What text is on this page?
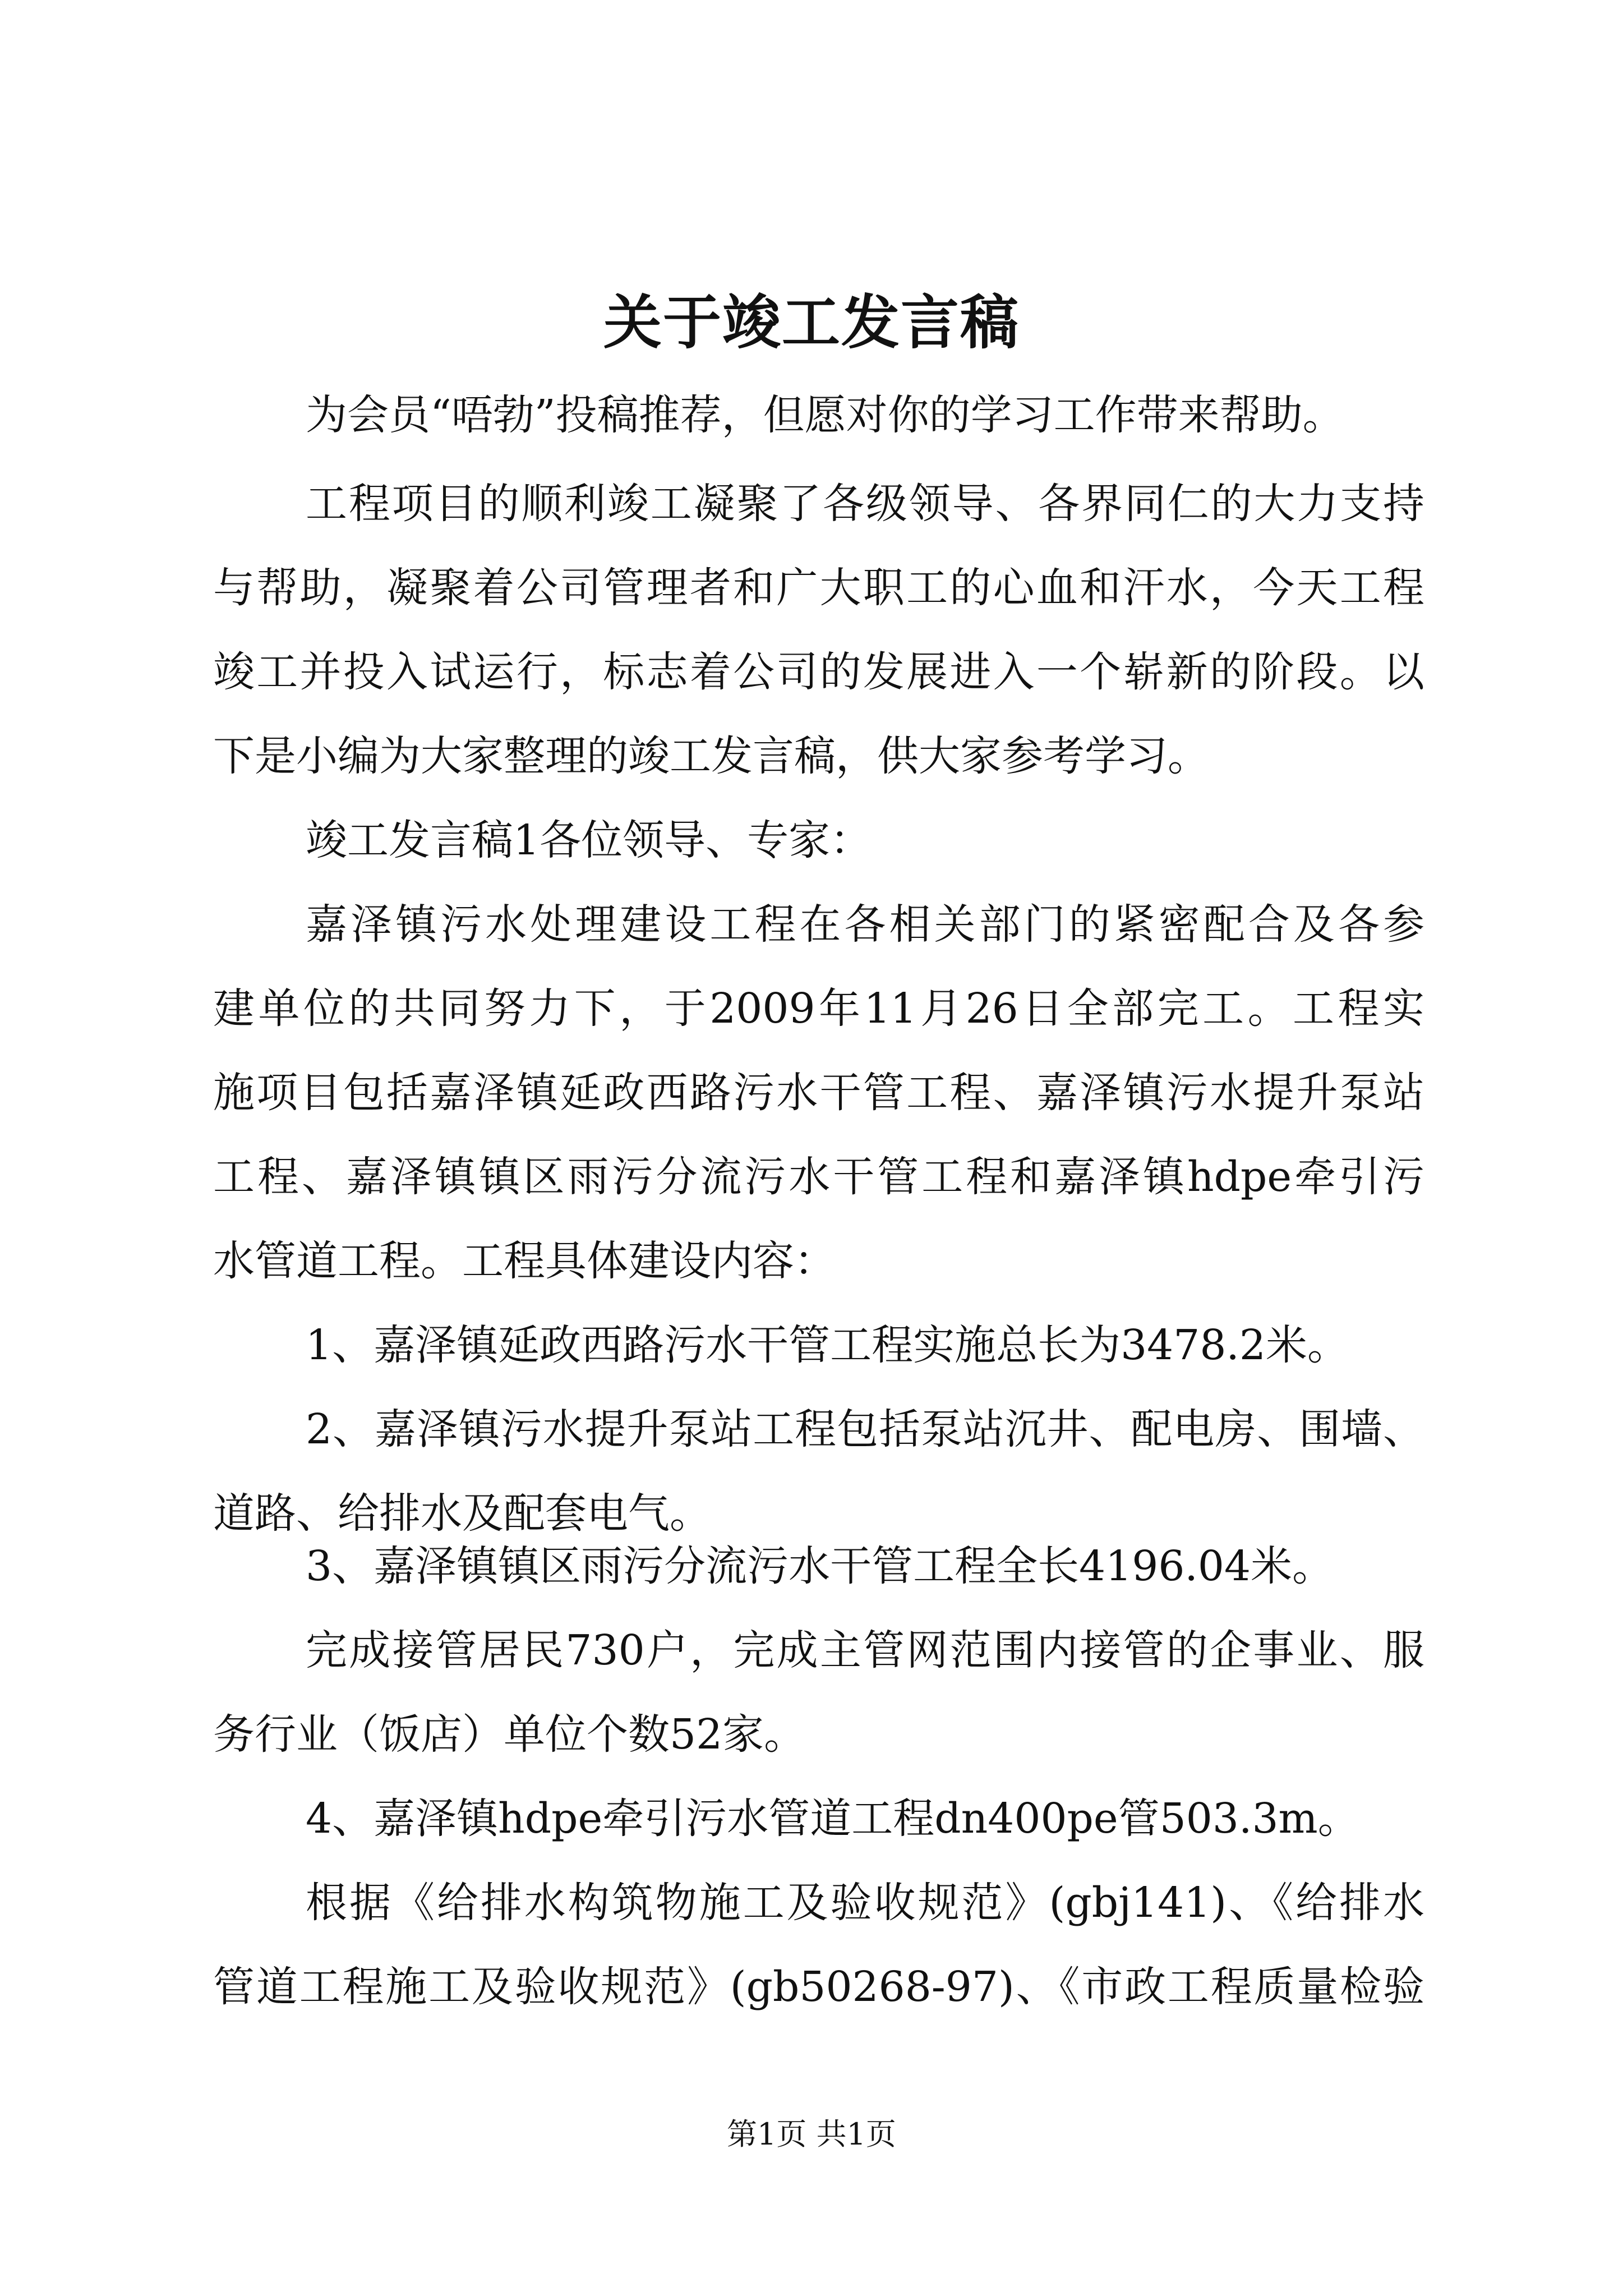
关于竣工发言稿

为会员“唔勃”投稿推荐，但愿对你的学习工作带来帮助。

工程项目的顺利竣工凝聚了各级领导、各界同仁的大力支持

与帮助，凝聚着公司管理者和广大职工的心血和汗水，今天工程

竣工并投入试运行，标志着公司的发展进入一个崭新的阶段。以

下是小编为大家整理的竣工发言稿，供大家参考学习。

竣工发言稿1各位领导、专家：

嘉泽镇污水处理建设工程在各相关部门的紧密配合及各参

建单位的共同努力下，于2009年11月26日全部完工。工程实

施项目包括嘉泽镇延政西路污水干管工程、嘉泽镇污水提升泵站

工程、嘉泽镇镇区雨污分流污水干管工程和嘉泽镇hdpe牵引污

水管道工程。工程具体建设内容：

1、嘉泽镇延政西路污水干管工程实施总长为3478.2米。

2、嘉泽镇污水提升泵站工程包括泵站沉井、配电房、围墙、

道路、给排水及配套电气。

3、嘉泽镇镇区雨污分流污水干管工程全长4196.04米。

完成接管居民730户，完成主管网范围内接管的企事业、服

务行业（饭店）单位个数52家。

4、嘉泽镇hdpe牵引污水管道工程dn400pe管503.3m。

根据《给排水构筑物施工及验收规范》(gbj141)、《给排水

管道工程施工及验收规范》(gb50268-97)、《市政工程质量检验

第1页 共1页
